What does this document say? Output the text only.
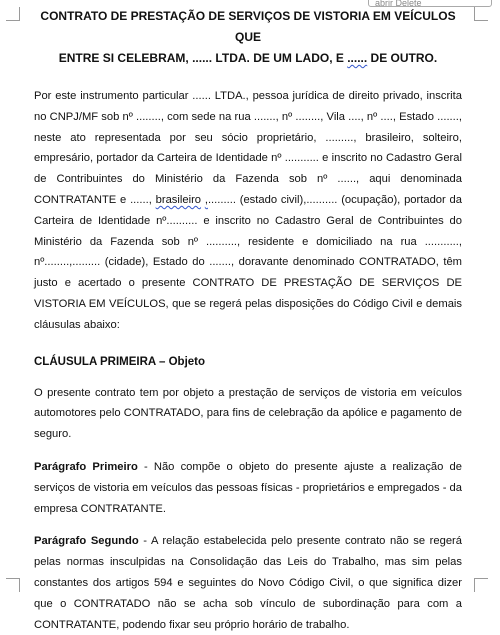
abrir Delete
CONTRATO DE PRESTAÇÃO DE SERVIÇOS DE VISTORIA EM VEÍCULOS QUE
ENTRE SI CELEBRAM, ...... LTDA. DE UM LADO, E ...... DE OUTRO.

Por este instrumento particular ...... LTDA., pessoa jurídica de direito privado, inscrita no CNPJ/MF sob nº ........, com sede na rua ......., nº ........, Vila ...., nº ...., Estado ......., neste ato representada por seu sócio proprietário, ........., brasileiro, solteiro, empresário, portador da Carteira de Identidade nº ........... e inscrito no Cadastro Geral de Contribuintes do Ministério da Fazenda sob nº ......, aqui denominada CONTRATANTE e ......, brasileiro ,......... (estado civil),.......... (ocupação), portador da Carteira de Identidade nº.......... e inscrito no Cadastro Geral de Contribuintes do Ministério da Fazenda sob nº .........., residente e domiciliado na rua ..........., nº........,......... (cidade), Estado do ......., doravante denominado CONTRATADO, têm justo e acertado o presente CONTRATO DE PRESTAÇÃO DE SERVIÇOS DE VISTORIA EM VEÍCULOS, que se regerá pelas disposições do Código Civil e demais cláusulas abaixo:

CLÁUSULA PRIMEIRA – Objeto

O presente contrato tem por objeto a prestação de serviços de vistoria em veículos automotores pelo CONTRATADO, para fins de celebração da apólice e pagamento de seguro.

Parágrafo Primeiro - Não compõe o objeto do presente ajuste a realização de serviços de vistoria em veículos das pessoas físicas - proprietários e empregados - da empresa CONTRATANTE.

Parágrafo Segundo - A relação estabelecida pelo presente contrato não se regerá pelas normas insculpidas na Consolidação das Leis do Trabalho, mas sim pelas constantes dos artigos 594 e seguintes do Novo Código Civil, o que significa dizer que o CONTRATADO não se acha sob vínculo de subordinação para com a CONTRATANTE, podendo fixar seu próprio horário de trabalho.
